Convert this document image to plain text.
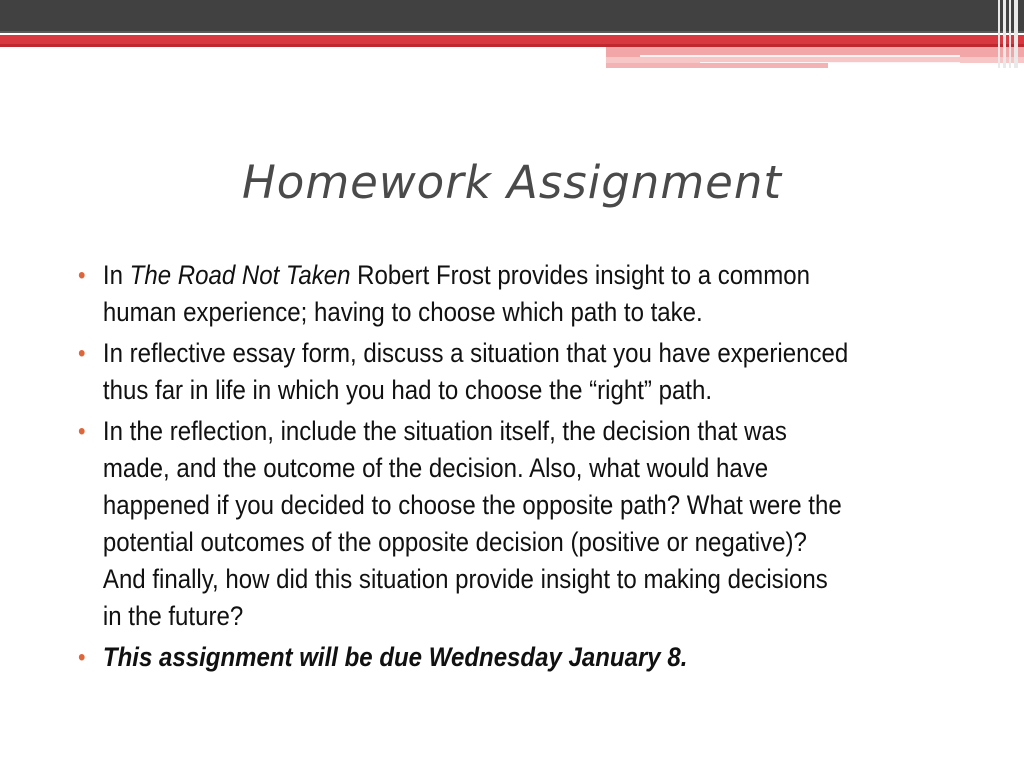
Homework Assignment
• In The Road Not Taken Robert Frost provides insight to a common human experience; having to choose which path to take.
• In reflective essay form, discuss a situation that you have experienced thus far in life in which you had to choose the “right” path.
• In the reflection, include the situation itself, the decision that was made, and the outcome of the decision. Also, what would have happened if you decided to choose the opposite path? What were the potential outcomes of the opposite decision (positive or negative)? And finally, how did this situation provide insight to making decisions in the future?
• This assignment will be due Wednesday January 8.
